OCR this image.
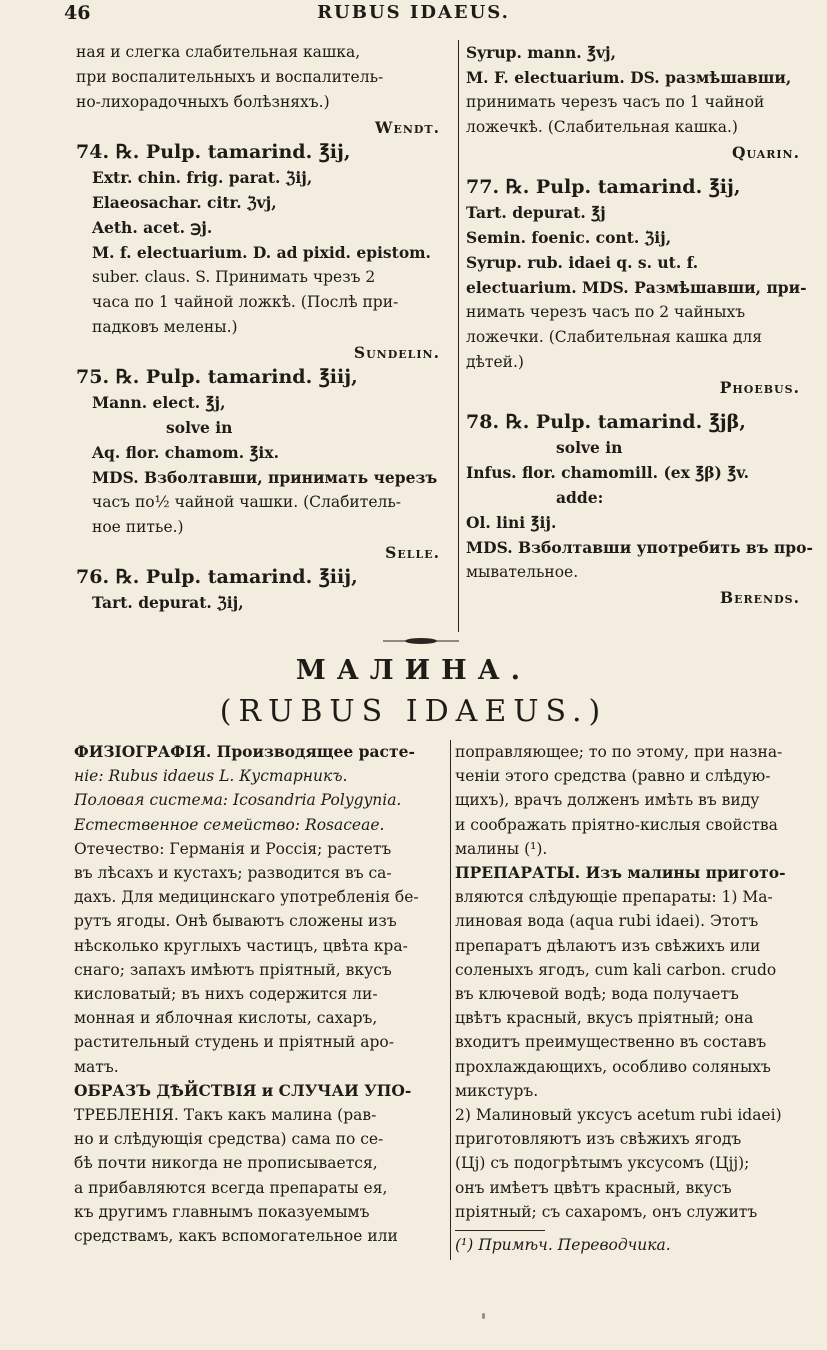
46	RUBUS IDAEUS.
ная и слегка слабительная кашка,
при воспалительныхъ и воспалитель-
но-лихорадочныхъ болѣзняхъ.)
Wendt.
74. ℞. Pulp. tamarind. ℥ij,
Extr. chin. frig. parat. ℨij,
Elaeosachar. citr. ℨvj,
Aeth. acet. ℈j.
M. f. electuarium. D. ad pixid. epistom.
suber. claus. S. Принимать чрезъ 2
часа по 1 чайной ложкѣ. (Послѣ при-
падковъ мелены.)
Sundelin.
75. ℞. Pulp. tamarind. ℥iij,
Mann. elect. ℥j,
solve in
Aq. flor. chamom. ℥ix.
MDS. Взболтавши, принимать черезъ
часъ по½ чайной чашки. (Слабитель-
ное питье.)
Selle.
76. ℞. Pulp. tamarind. ℥iij,
Tart. depurat. ℨij,
Syrup. mann. ℥vj,
M. F. electuarium. DS. размѣшавши,
принимать черезъ часъ по 1 чайной
ложечкѣ. (Слабительная кашка.)
Quarin.
77. ℞. Pulp. tamarind. ℥ij,
Tart. depurat. ℥j
Semin. foenic. cont. ℨij,
Syrup. rub. idaei q. s. ut. f.
electuarium. MDS. Размѣшавши, при-
нимать черезъ часъ по 2 чайныхъ
ложечки. (Слабительная кашка для
дѣтей.)
Phoebus.
78. ℞. Pulp. tamarind. ℥jβ,
solve in
Infus. flor. chamomill. (ex ℥β) ℥v.
addе:
Ol. lini ℥ij.
MDS. Взболтавши употребить въ про-
мывательное.
Berends.
МАЛИНА.
(RUBUS IDAEUS.)
ФИЗІОГРАФІЯ. Производящее расте-
ніе: Rubus idaeus L. Кустарникъ.
Половая система: Icosandria Polygynia.
Естественное семейство: Rosaceae.
Отечество: Германія и Россія; растетъ
въ лѣсахъ и кустахъ; разводится въ са-
дахъ. Для медицинскаго употребленія бе-
рутъ ягоды. Онѣ бываютъ сложены изъ
нѣсколько круглыхъ частицъ, цвѣта кра-
снаго; запахъ имѣютъ пріятный, вкусъ
кисловатый; въ нихъ содержится ли-
монная и яблочная кислоты, сахаръ,
растительный студень и пріятный аро-
матъ.
ОБРАЗЪ ДѢЙСТВІЯ и СЛУЧАИ УПО-
ТРЕБЛЕНІЯ. Такъ какъ малина (рав-
но и слѣдующія средства) сама по се-
бѣ почти никогда не прописывается,
а прибавляются всегда препараты ея,
къ другимъ главнымъ показуемымъ
средствамъ, какъ вспомогательное или
поправляющее; то по этому, при назна-
ченіи этого средства (равно и слѣдую-
щихъ), врачъ долженъ имѣть въ виду
и соображать пріятно-кислыя свойства
малины (¹).
ПРЕПАРАТЫ. Изъ малины пригото-
вляются слѣдующіе препараты: 1) Ма-
линовая вода (aqua rubi idaei). Этотъ
препаратъ дѣлаютъ изъ свѣжихъ или
соленыхъ ягодъ, cum kali carbon. crudo
въ ключевой водѣ; вода получаетъ
цвѣтъ красный, вкусъ пріятный; она
входитъ преимущественно въ составъ
прохлаждающихъ, особливо соляныхъ
микстуръ.
2) Малиновый уксусъ acetum rubi idaei)
приготовляютъ изъ свѣжихъ ягодъ
(Цj) съ подогрѣтымъ уксусомъ (Цjj);
онъ имѣетъ цвѣтъ красный, вкусъ
пріятный; съ сахаромъ, онъ служитъ
(¹) Примѣч. Переводчика.
